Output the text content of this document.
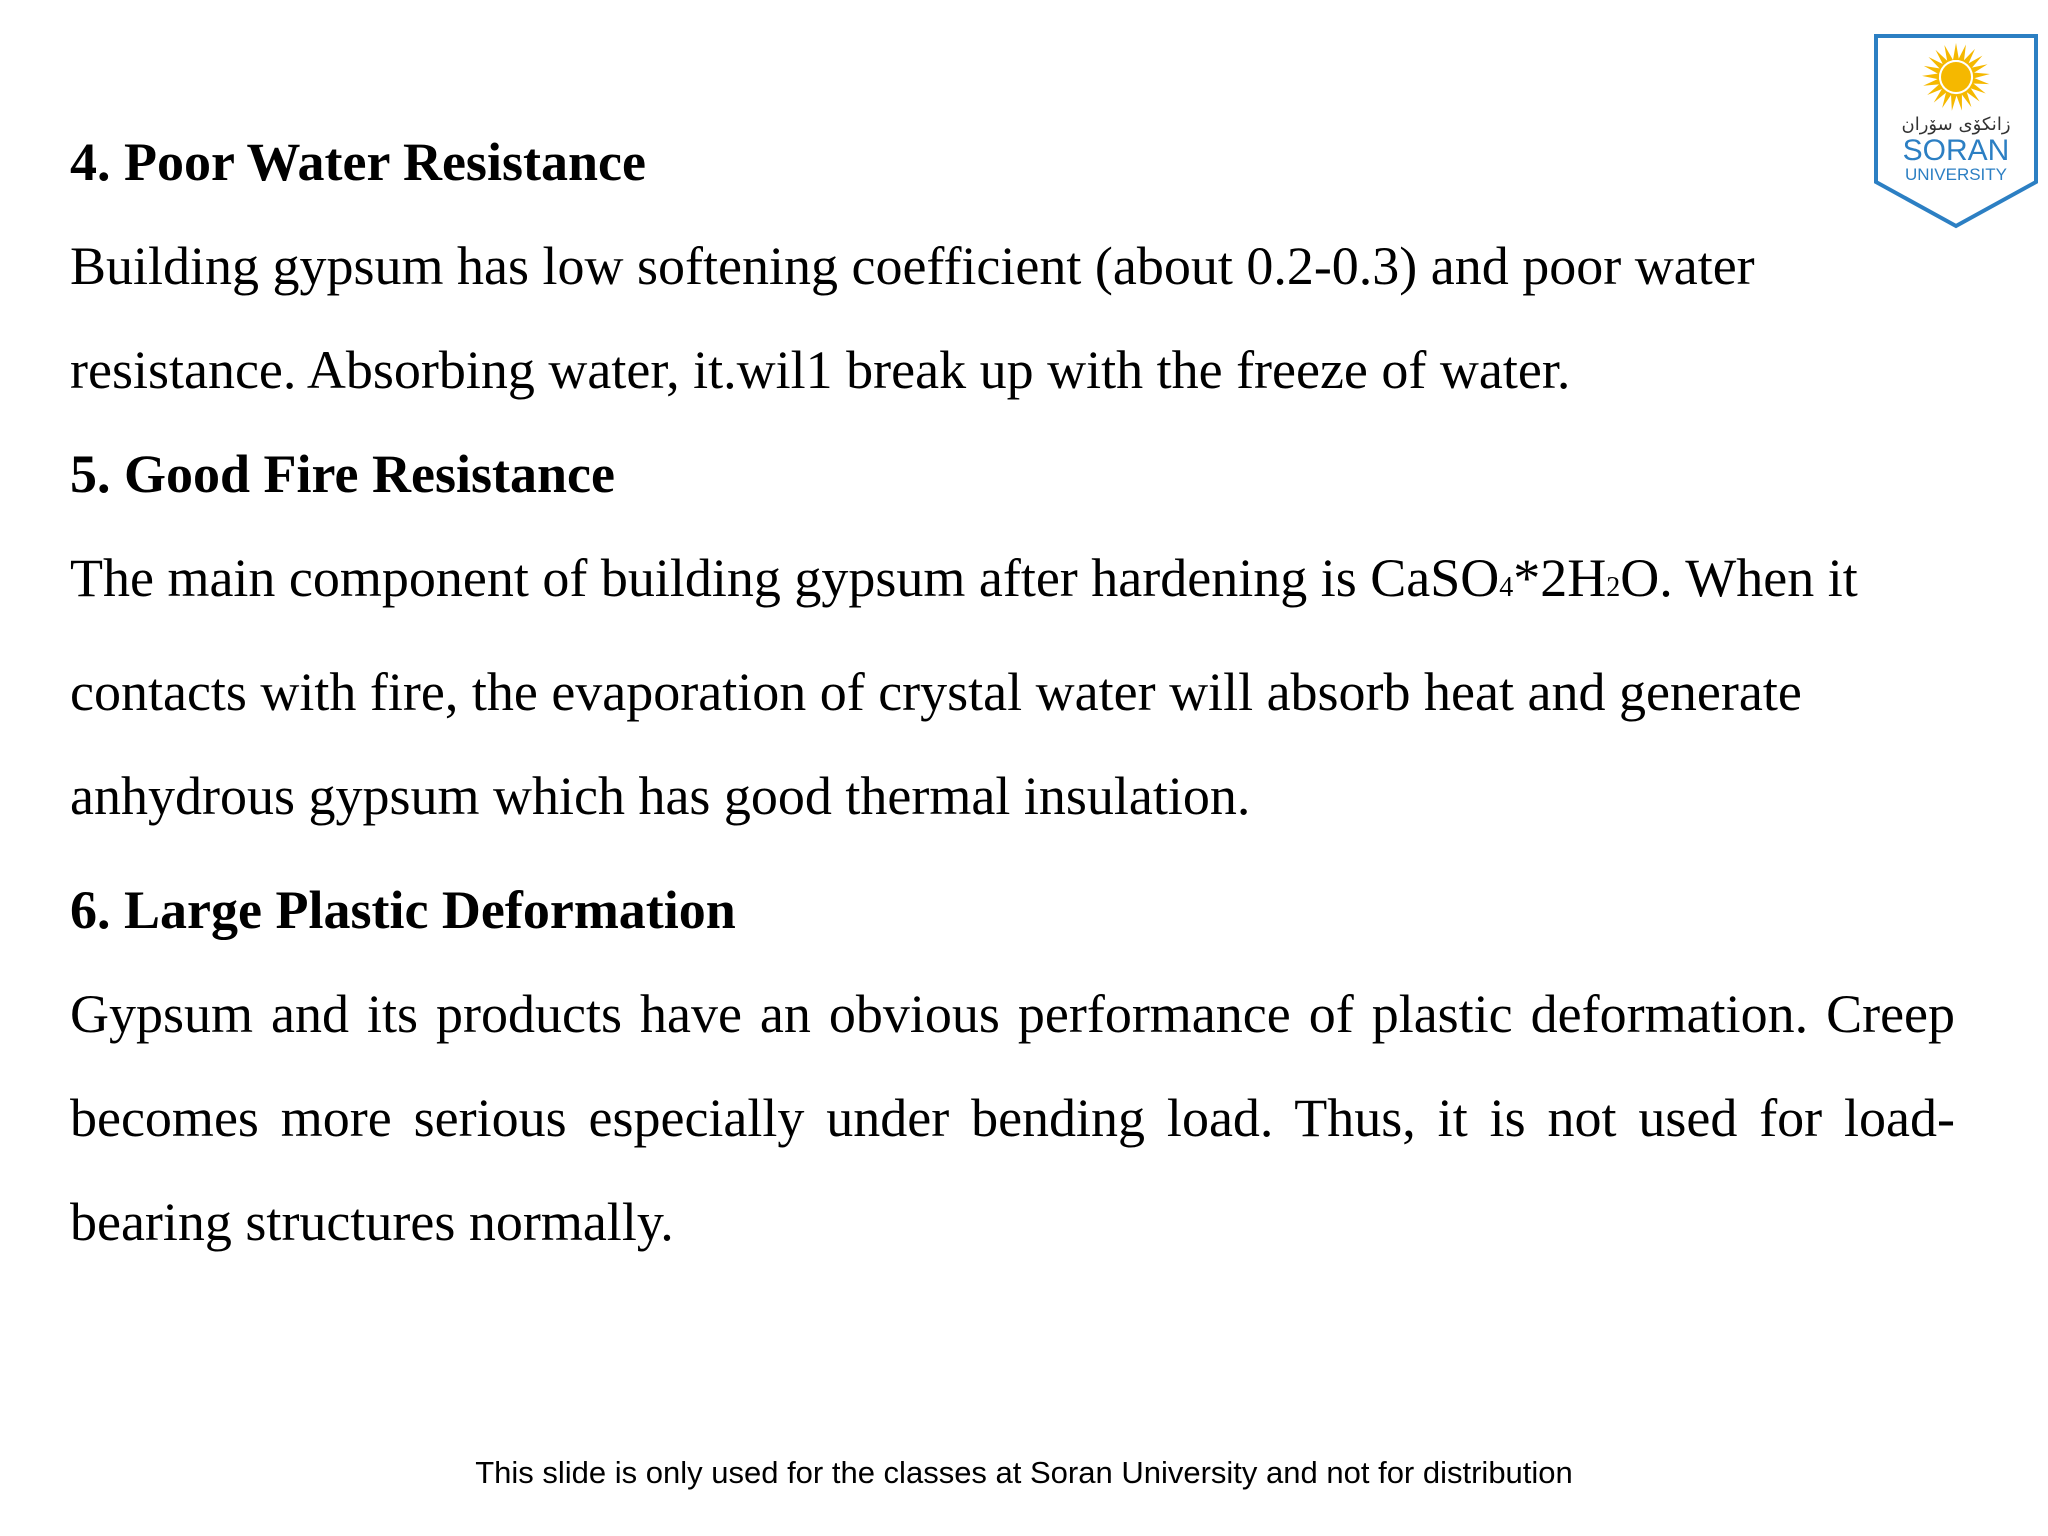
زانكۆی سۆران
SORAN
UNIVERSITY

4. Poor Water Resistance

Building gypsum has low softening coefficient (about 0.2-0.3) and poor water resistance. Absorbing water, it.wil1 break up with the freeze of water.

5. Good Fire Resistance

The main component of building gypsum after hardening is CaSO4*2H2O. When it contacts with fire, the evaporation of crystal water will absorb heat and generate anhydrous gypsum which has good thermal insulation.

6. Large Plastic Deformation

Gypsum and its products have an obvious performance of plastic deformation. Creep becomes more serious especially under bending load. Thus, it is not used for load-bearing structures normally.

This slide is only used for the classes at Soran University and not for distribution
